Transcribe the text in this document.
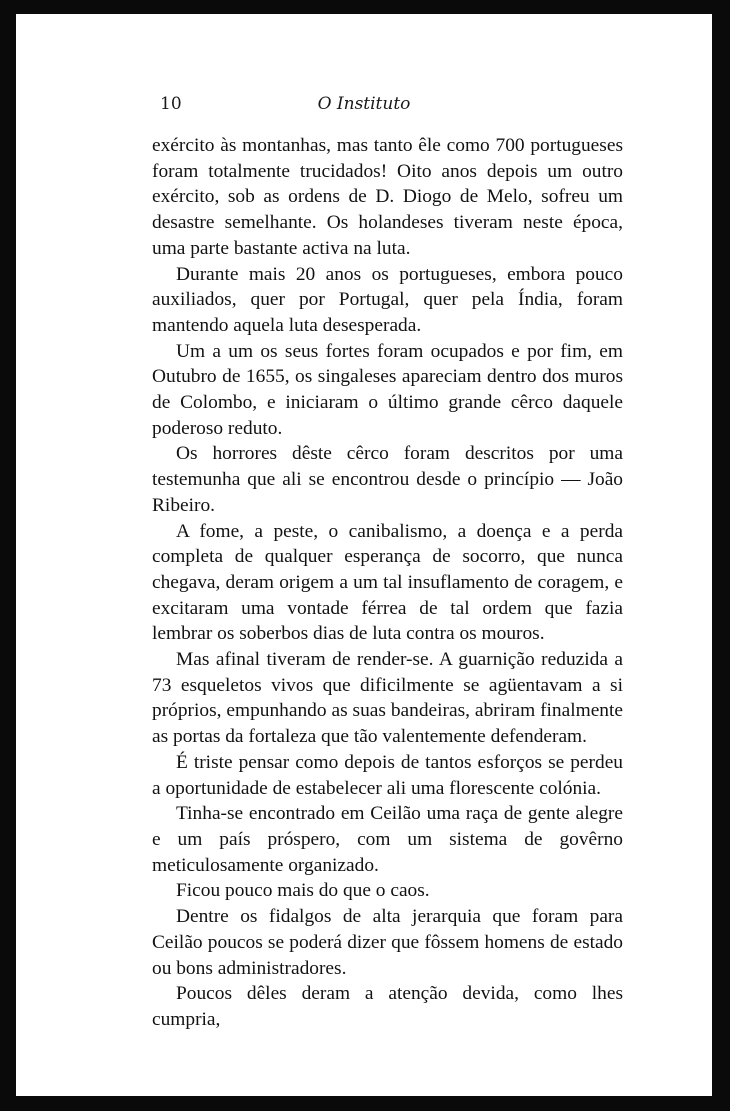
10	O Instituto

exército às montanhas, mas tanto êle como 700 portugueses foram totalmente trucidados! Oito anos depois um outro exército, sob as ordens de D. Diogo de Melo, sofreu um desastre semelhante. Os holandeses tiveram neste época, uma parte bastante activa na luta.

Durante mais 20 anos os portugueses, embora pouco auxiliados, quer por Portugal, quer pela Índia, foram mantendo aquela luta desesperada.

Um a um os seus fortes foram ocupados e por fim, em Outubro de 1655, os singaleses apareciam dentro dos muros de Colombo, e iniciaram o último grande cêrco daquele poderoso reduto.

Os horrores dêste cêrco foram descritos por uma testemunha que ali se encontrou desde o princípio — João Ribeiro.

A fome, a peste, o canibalismo, a doença e a perda completa de qualquer esperança de socorro, que nunca chegava, deram origem a um tal insuflamento de coragem, e excitaram uma vontade férrea de tal ordem que fazia lembrar os soberbos dias de luta contra os mouros.

Mas afinal tiveram de render-se. A guarnição reduzida a 73 esqueletos vivos que dificilmente se agüentavam a si próprios, empunhando as suas bandeiras, abriram finalmente as portas da fortaleza que tão valentemente defenderam.

É triste pensar como depois de tantos esforços se perdeu a oportunidade de estabelecer ali uma florescente colónia.

Tinha-se encontrado em Ceilão uma raça de gente alegre e um país próspero, com um sistema de govêrno meticulosamente organizado.

Ficou pouco mais do que o caos.

Dentre os fidalgos de alta jerarquia que foram para Ceilão poucos se poderá dizer que fôssem homens de estado ou bons administradores.

Poucos dêles deram a atenção devida, como lhes cumpria,
